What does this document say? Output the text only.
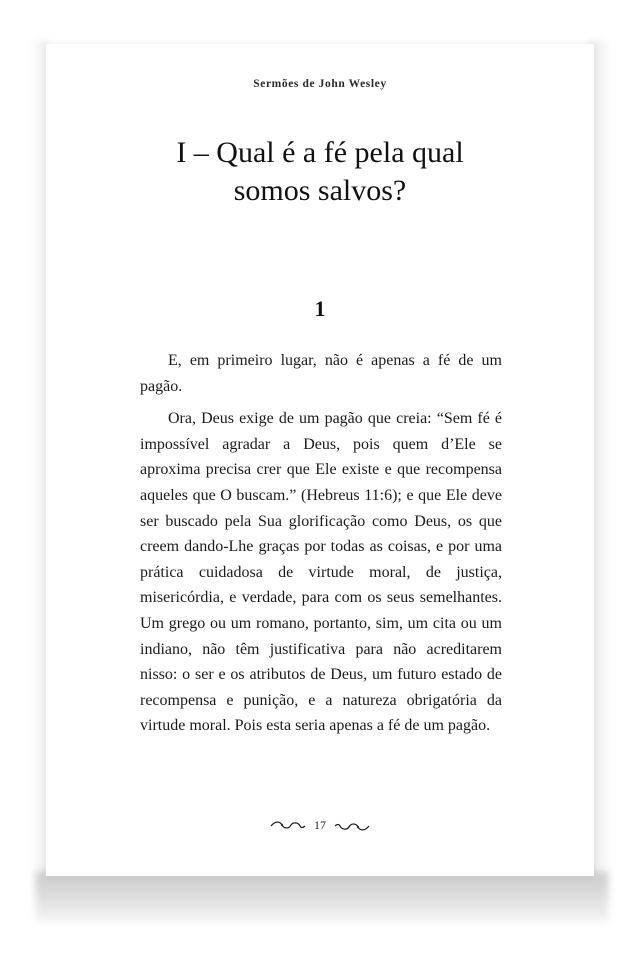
Sermões de John Wesley
I – Qual é a fé pela qual
somos salvos?
1

E, em primeiro lugar, não é apenas a fé de um pagão.

Ora, Deus exige de um pagão que creia: “Sem fé é impossível agradar a Deus, pois quem d’Ele se aproxima precisa crer que Ele existe e que recompensa aqueles que O buscam.” (Hebreus 11:6); e que Ele deve ser buscado pela Sua glorificação como Deus, os que creem dando-Lhe graças por todas as coisas, e por uma prática cuidadosa de virtude moral, de justiça, misericórdia, e verdade, para com os seus semelhantes. Um grego ou um romano, portanto, sim, um cita ou um indiano, não têm justificativa para não acreditarem nisso: o ser e os atributos de Deus, um futuro estado de recompensa e punição, e a natureza obrigatória da virtude moral. Pois esta seria apenas a fé de um pagão.

17
